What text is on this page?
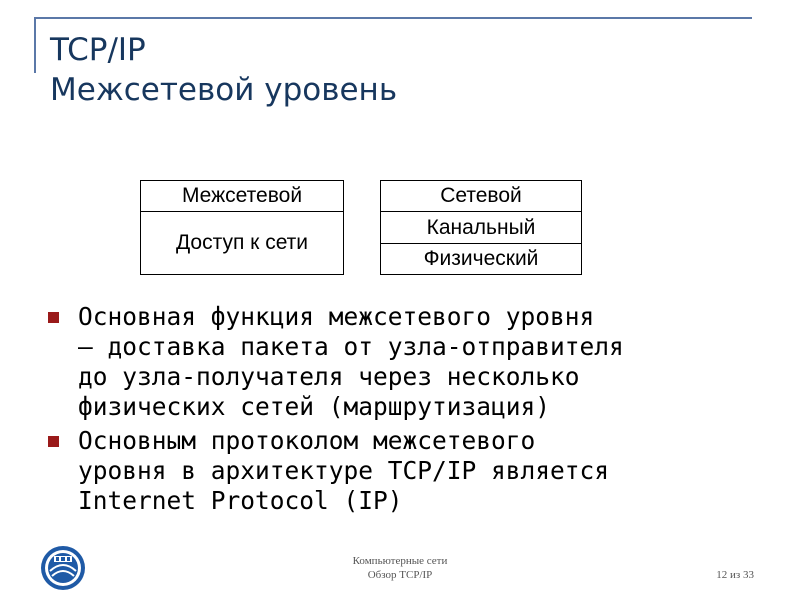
TCP/IP
Межсетевой уровень
Межсетевой
Доступ к сети
Сетевой
Канальный
Физический
Основная функция межсетевого уровня
– доставка пакета от узла-отправителя
до узла-получателя через несколько
физических сетей (маршрутизация)
Основным протоколом межсетевого
уровня в архитектуре TCP/IP является
Internet Protocol (IP)
Компьютерные сети
Обзор TCP/IP	12 из 33
